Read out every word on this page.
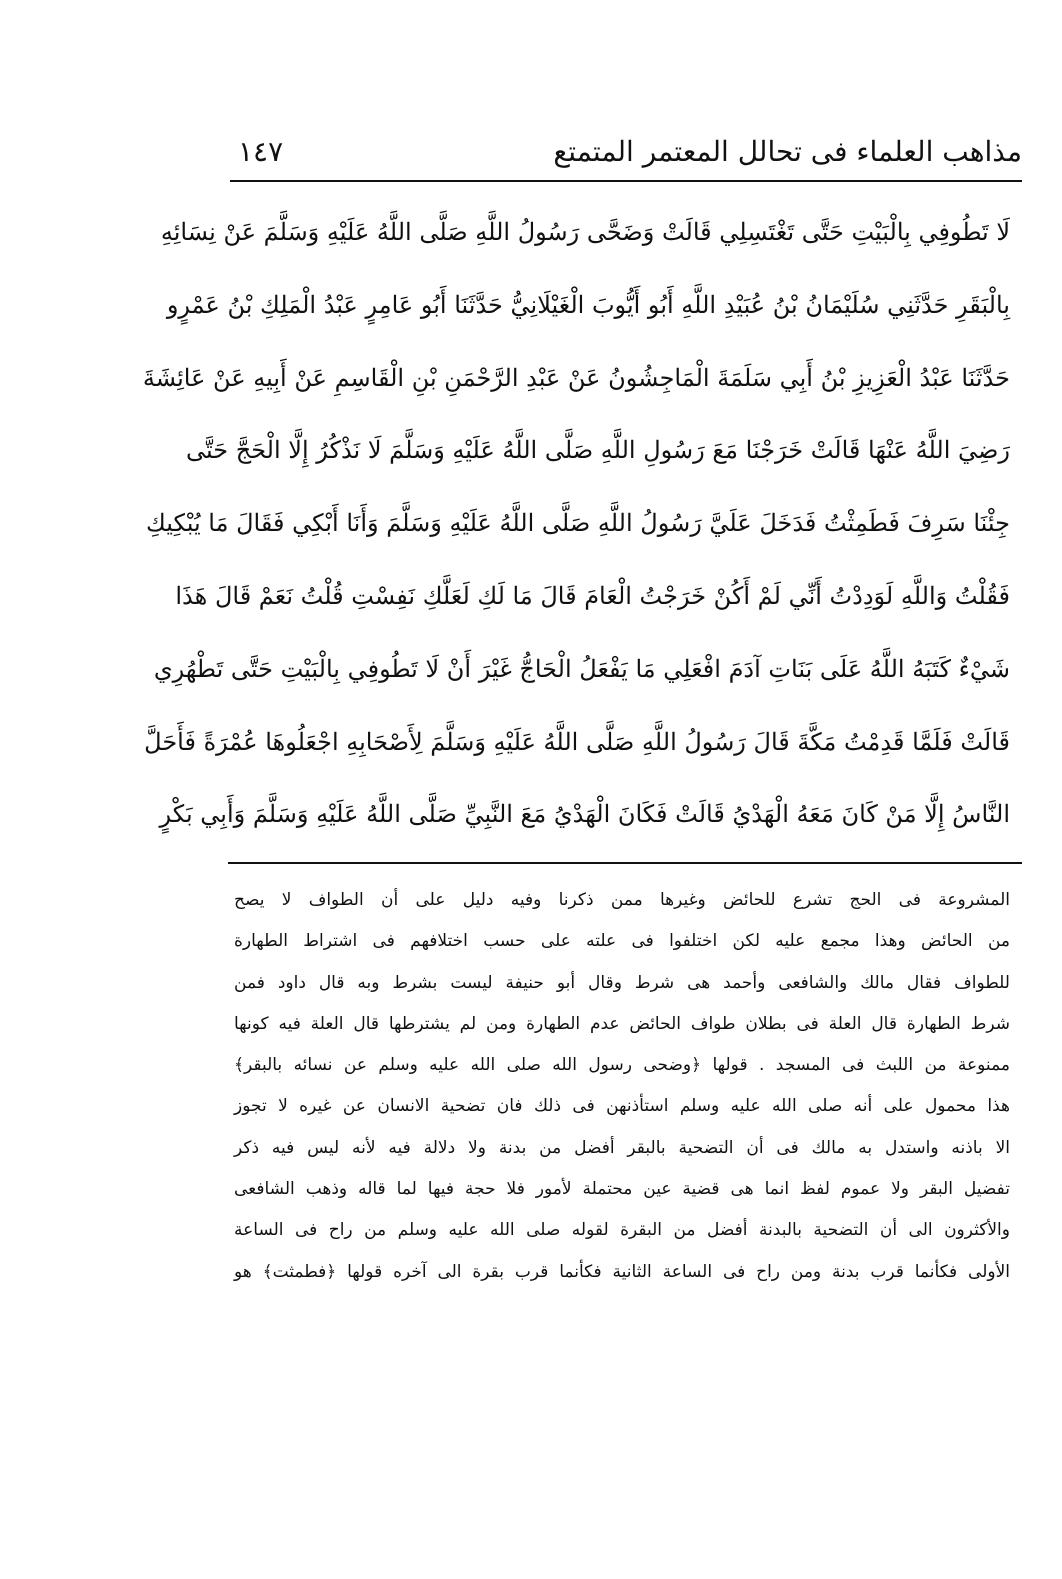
مذاهب العلماء فى تحالل المعتمر المتمتع
١٤٧
لَا تَطُوفِي بِالْبَيْتِ حَتَّى تَغْتَسِلِي قَالَتْ وَضَحَّى رَسُولُ اللَّهِ صَلَّى اللَّهُ عَلَيْهِ وَسَلَّمَ عَنْ نِسَائِهِ
بِالْبَقَرِ حَدَّثَنِي سُلَيْمَانُ بْنُ عُبَيْدِ اللَّهِ أَبُو أَيُّوبَ الْغَيْلَانِيُّ حَدَّثَنَا أَبُو عَامِرٍ عَبْدُ الْمَلِكِ بْنُ عَمْرٍو
حَدَّثَنَا عَبْدُ الْعَزِيزِ بْنُ أَبِي سَلَمَةَ الْمَاجِشُونُ عَنْ عَبْدِ الرَّحْمَنِ بْنِ الْقَاسِمِ عَنْ أَبِيهِ عَنْ عَائِشَةَ
رَضِيَ اللَّهُ عَنْهَا قَالَتْ خَرَجْنَا مَعَ رَسُولِ اللَّهِ صَلَّى اللَّهُ عَلَيْهِ وَسَلَّمَ لَا نَذْكُرُ إِلَّا الْحَجَّ حَتَّى
جِئْنَا سَرِفَ فَطَمِثْتُ فَدَخَلَ عَلَيَّ رَسُولُ اللَّهِ صَلَّى اللَّهُ عَلَيْهِ وَسَلَّمَ وَأَنَا أَبْكِي فَقَالَ مَا يُبْكِيكِ
فَقُلْتُ وَاللَّهِ لَوَدِدْتُ أَنِّي لَمْ أَكُنْ خَرَجْتُ الْعَامَ قَالَ مَا لَكِ لَعَلَّكِ نَفِسْتِ قُلْتُ نَعَمْ قَالَ هَذَا
شَيْءٌ كَتَبَهُ اللَّهُ عَلَى بَنَاتِ آدَمَ افْعَلِي مَا يَفْعَلُ الْحَاجُّ غَيْرَ أَنْ لَا تَطُوفِي بِالْبَيْتِ حَتَّى تَطْهُرِي
قَالَتْ فَلَمَّا قَدِمْتُ مَكَّةَ قَالَ رَسُولُ اللَّهِ صَلَّى اللَّهُ عَلَيْهِ وَسَلَّمَ لِأَصْحَابِهِ اجْعَلُوهَا عُمْرَةً فَأَحَلَّ
النَّاسُ إِلَّا مَنْ كَانَ مَعَهُ الْهَدْيُ قَالَتْ فَكَانَ الْهَدْيُ مَعَ النَّبِيِّ صَلَّى اللَّهُ عَلَيْهِ وَسَلَّمَ وَأَبِي بَكْرٍ
المشروعة فى الحج تشرع للحائض وغيرها ممن ذكرنا وفيه دليل على أن الطواف لا يصح
من الحائض وهذا مجمع عليه لكن اختلفوا فى علته على حسب اختلافهم فى اشتراط الطهارة
للطواف فقال مالك والشافعى وأحمد هى شرط وقال أبو حنيفة ليست بشرط وبه قال داود فمن
شرط الطهارة قال العلة فى بطلان طواف الحائض عدم الطهارة ومن لم يشترطها قال العلة فيه كونها
ممنوعة من اللبث فى المسجد . قولها ﴿وضحى رسول الله صلى الله عليه وسلم عن نسائه بالبقر﴾
هذا محمول على أنه صلى الله عليه وسلم استأذنهن فى ذلك فان تضحية الانسان عن غيره لا تجوز
الا باذنه واستدل به مالك فى أن التضحية بالبقر أفضل من بدنة ولا دلالة فيه لأنه ليس فيه ذكر
تفضيل البقر ولا عموم لفظ انما هى قضية عين محتملة لأمور فلا حجة فيها لما قاله وذهب الشافعى
والأكثرون الى أن التضحية بالبدنة أفضل من البقرة لقوله صلى الله عليه وسلم من راح فى الساعة
الأولى فكأنما قرب بدنة ومن راح فى الساعة الثانية فكأنما قرب بقرة الى آخره قولها ﴿فطمثت﴾ هو
